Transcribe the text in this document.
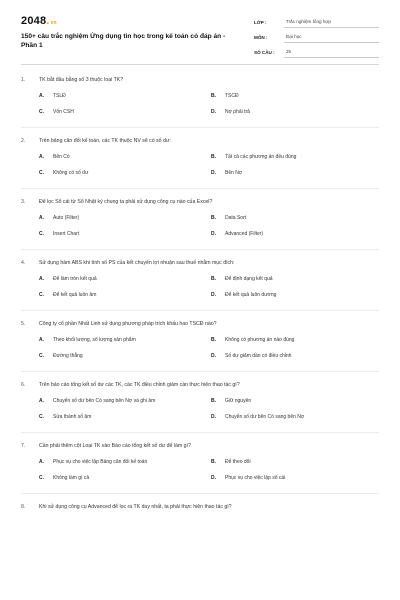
2048.vn
150+ câu trắc nghiệm Ứng dụng tin học trong kế toán có đáp án - Phần 1
LỚP :	Trắc nghiệm tổng hợp
MÔN :	Đại học
SỐ CÂU :	25
1.	TK bắt đầu bằng số 3 thuộc loại TK?
A.	TSLĐ	B.	TSCĐ
C.	Vốn CSH	D.	Nợ phải trả
2.	Trên bảng cân đối kế toán, các TK thuộc NV sẽ có số dư:
A.	Bên Có	B.	Tất cả các phương án đều đúng
C.	Không có số dư	D.	Bên Nợ
3.	Để lọc Sổ cái từ Sổ Nhật ký chung ta phải sử dụng công cụ nào của Excel?
A.	Auto (Filter)	B.	Data Sort
C.	Insert Chart	D.	Advanced (Filter)
4.	Sử dụng hàm ABS khi tính số PS của kết chuyển lợi nhuận sau thuế nhằm mục đích:
A.	Để làm tròn kết quả	B.	Để định dạng kết quả
C.	Để kết quả luôn âm	D.	Để kết quả luôn dương
5.	Công ty cổ phần Nhất Linh sử dụng phương pháp trích khấu hao TSCĐ nào?
A.	Theo khối lượng, số lượng sản phẩm	B.	Không có phương án nào đúng
C.	Đường thẳng	D.	Số dư giảm dần có điều chỉnh
6.	Trên báo cáo tổng kết số dư các TK, các TK điều chỉnh giảm cần thực hiện thao tác gì?
A.	Chuyển số dư bên Có sang bên Nợ và ghi âm	B.	Giữ nguyên
C.	Sửa thành số âm	D.	Chuyển số dư bên Có sang bên Nợ
7.	Cần phải thêm cột Loại TK vào Báo cáo tổng kết số dư để làm gì?
A.	Phục vụ cho việc lập Bảng cân đối kế toán	B.	Để theo dõi
C.	Không làm gì cả	D.	Phục vụ cho việc lập sổ cái
8.	Khi sử dụng công cụ Advanced để lọc ra TK duy nhất, ta phải thực hiện thao tác gì?
